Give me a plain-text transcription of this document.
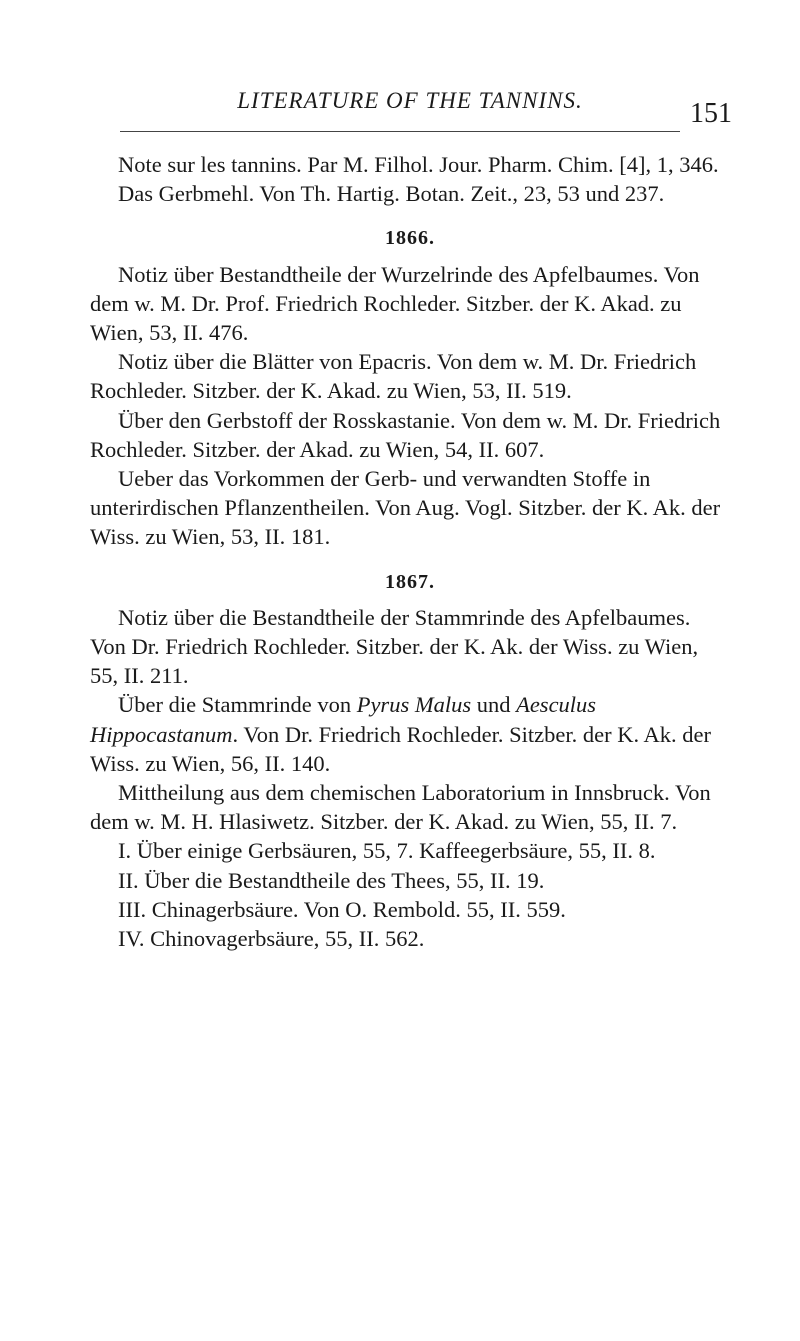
LITERATURE OF THE TANNINS.	151

Note sur les tannins. Par M. Filhol. Jour. Pharm. Chim. [4], 1, 346.

Das Gerbmehl. Von Th. Hartig. Botan. Zeit., 23, 53 und 237.

1866.

Notiz über Bestandtheile der Wurzelrinde des Apfelbaumes. Von dem w. M. Dr. Prof. Friedrich Rochleder. Sitzber. der K. Akad. zu Wien, 53, II. 476.

Notiz über die Blätter von Epacris. Von dem w. M. Dr. Friedrich Rochleder. Sitzber. der K. Akad. zu Wien, 53, II. 519.

Über den Gerbstoff der Rosskastanie. Von dem w. M. Dr. Friedrich Rochleder. Sitzber. der Akad. zu Wien, 54, II. 607.

Ueber das Vorkommen der Gerb- und verwandten Stoffe in unterirdischen Pflanzentheilen. Von Aug. Vogl. Sitzber. der K. Ak. der Wiss. zu Wien, 53, II. 181.

1867.

Notiz über die Bestandtheile der Stammrinde des Apfelbaumes. Von Dr. Friedrich Rochleder. Sitzber. der K. Ak. der Wiss. zu Wien, 55, II. 211.

Über die Stammrinde von Pyrus Malus und Aesculus Hippocastanum. Von Dr. Friedrich Rochleder. Sitzber. der K. Ak. der Wiss. zu Wien, 56, II. 140.

Mittheilung aus dem chemischen Laboratorium in Innsbruck. Von dem w. M. H. Hlasiwetz. Sitzber. der K. Akad. zu Wien, 55, II. 7.

I. Über einige Gerbsäuren, 55, 7. Kaffeegerbsäure, 55, II. 8.

II. Über die Bestandtheile des Thees, 55, II. 19.

III. Chinagerbsäure. Von O. Rembold. 55, II. 559.

IV. Chinovagerbsäure, 55, II. 562.
